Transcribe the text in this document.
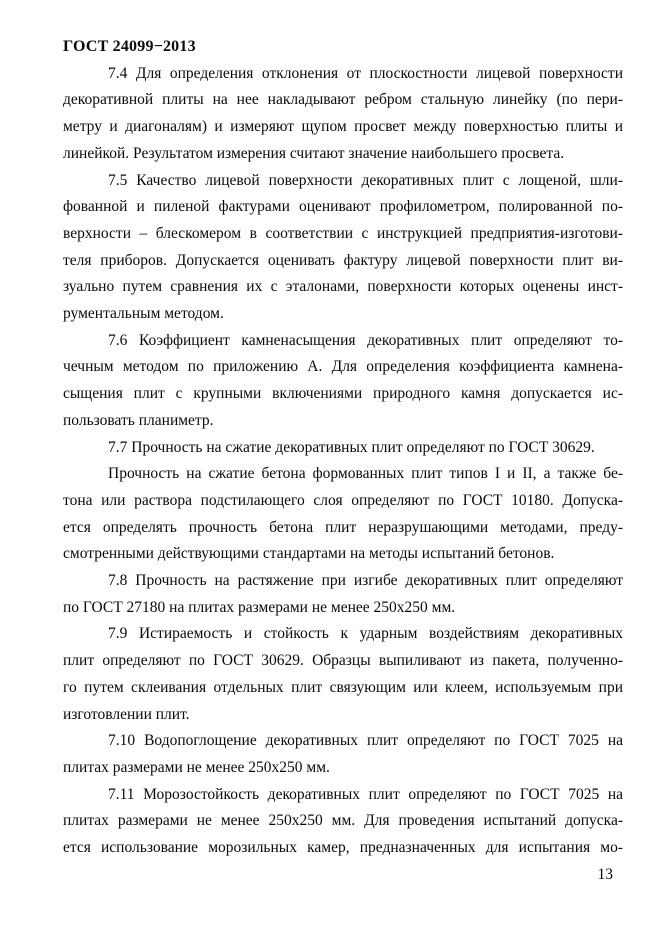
ГОСТ 24099−2013
7.4 Для определения отклонения от плоскостности лицевой поверхности
декоративной плиты на нее накладывают ребром стальную линейку (по пери-
метру и диагоналям) и измеряют щупом просвет между поверхностью плиты и
линейкой. Результатом измерения считают значение наибольшего просвета.
7.5 Качество лицевой поверхности декоративных плит с лощеной, шли-
фованной и пиленой фактурами оценивают профилометром, полированной по-
верхности – блескомером в соответствии с инструкцией предприятия-изготови-
теля приборов. Допускается оценивать фактуру лицевой поверхности плит ви-
зуально путем сравнения их с эталонами, поверхности которых оценены инст-
рументальным методом.
7.6 Коэффициент камненасыщения декоративных плит определяют то-
чечным методом по приложению А. Для определения коэффициента камнена-
сыщения плит с крупными включениями природного камня допускается ис-
пользовать планиметр.
7.7 Прочность на сжатие декоративных плит определяют по ГОСТ 30629.
Прочность на сжатие бетона формованных плит типов I и II, а также бе-
тона или раствора подстилающего слоя определяют по ГОСТ 10180. Допуска-
ется определять прочность бетона плит неразрушающими методами, преду-
смотренными действующими стандартами на методы испытаний бетонов.
7.8 Прочность на растяжение при изгибе декоративных плит определяют
по ГОСТ 27180 на плитах размерами не менее 250x250 мм.
7.9 Истираемость и стойкость к ударным воздействиям декоративных
плит определяют по ГОСТ 30629. Образцы выпиливают из пакета, полученно-
го путем склеивания отдельных плит связующим или клеем, используемым при
изготовлении плит.
7.10 Водопоглощение декоративных плит определяют по ГОСТ 7025 на
плитах размерами не менее 250x250 мм.
7.11 Морозостойкость декоративных плит определяют по ГОСТ 7025 на
плитах размерами не менее 250x250 мм. Для проведения испытаний допуска-
ется использование морозильных камер, предназначенных для испытания мо-
13
